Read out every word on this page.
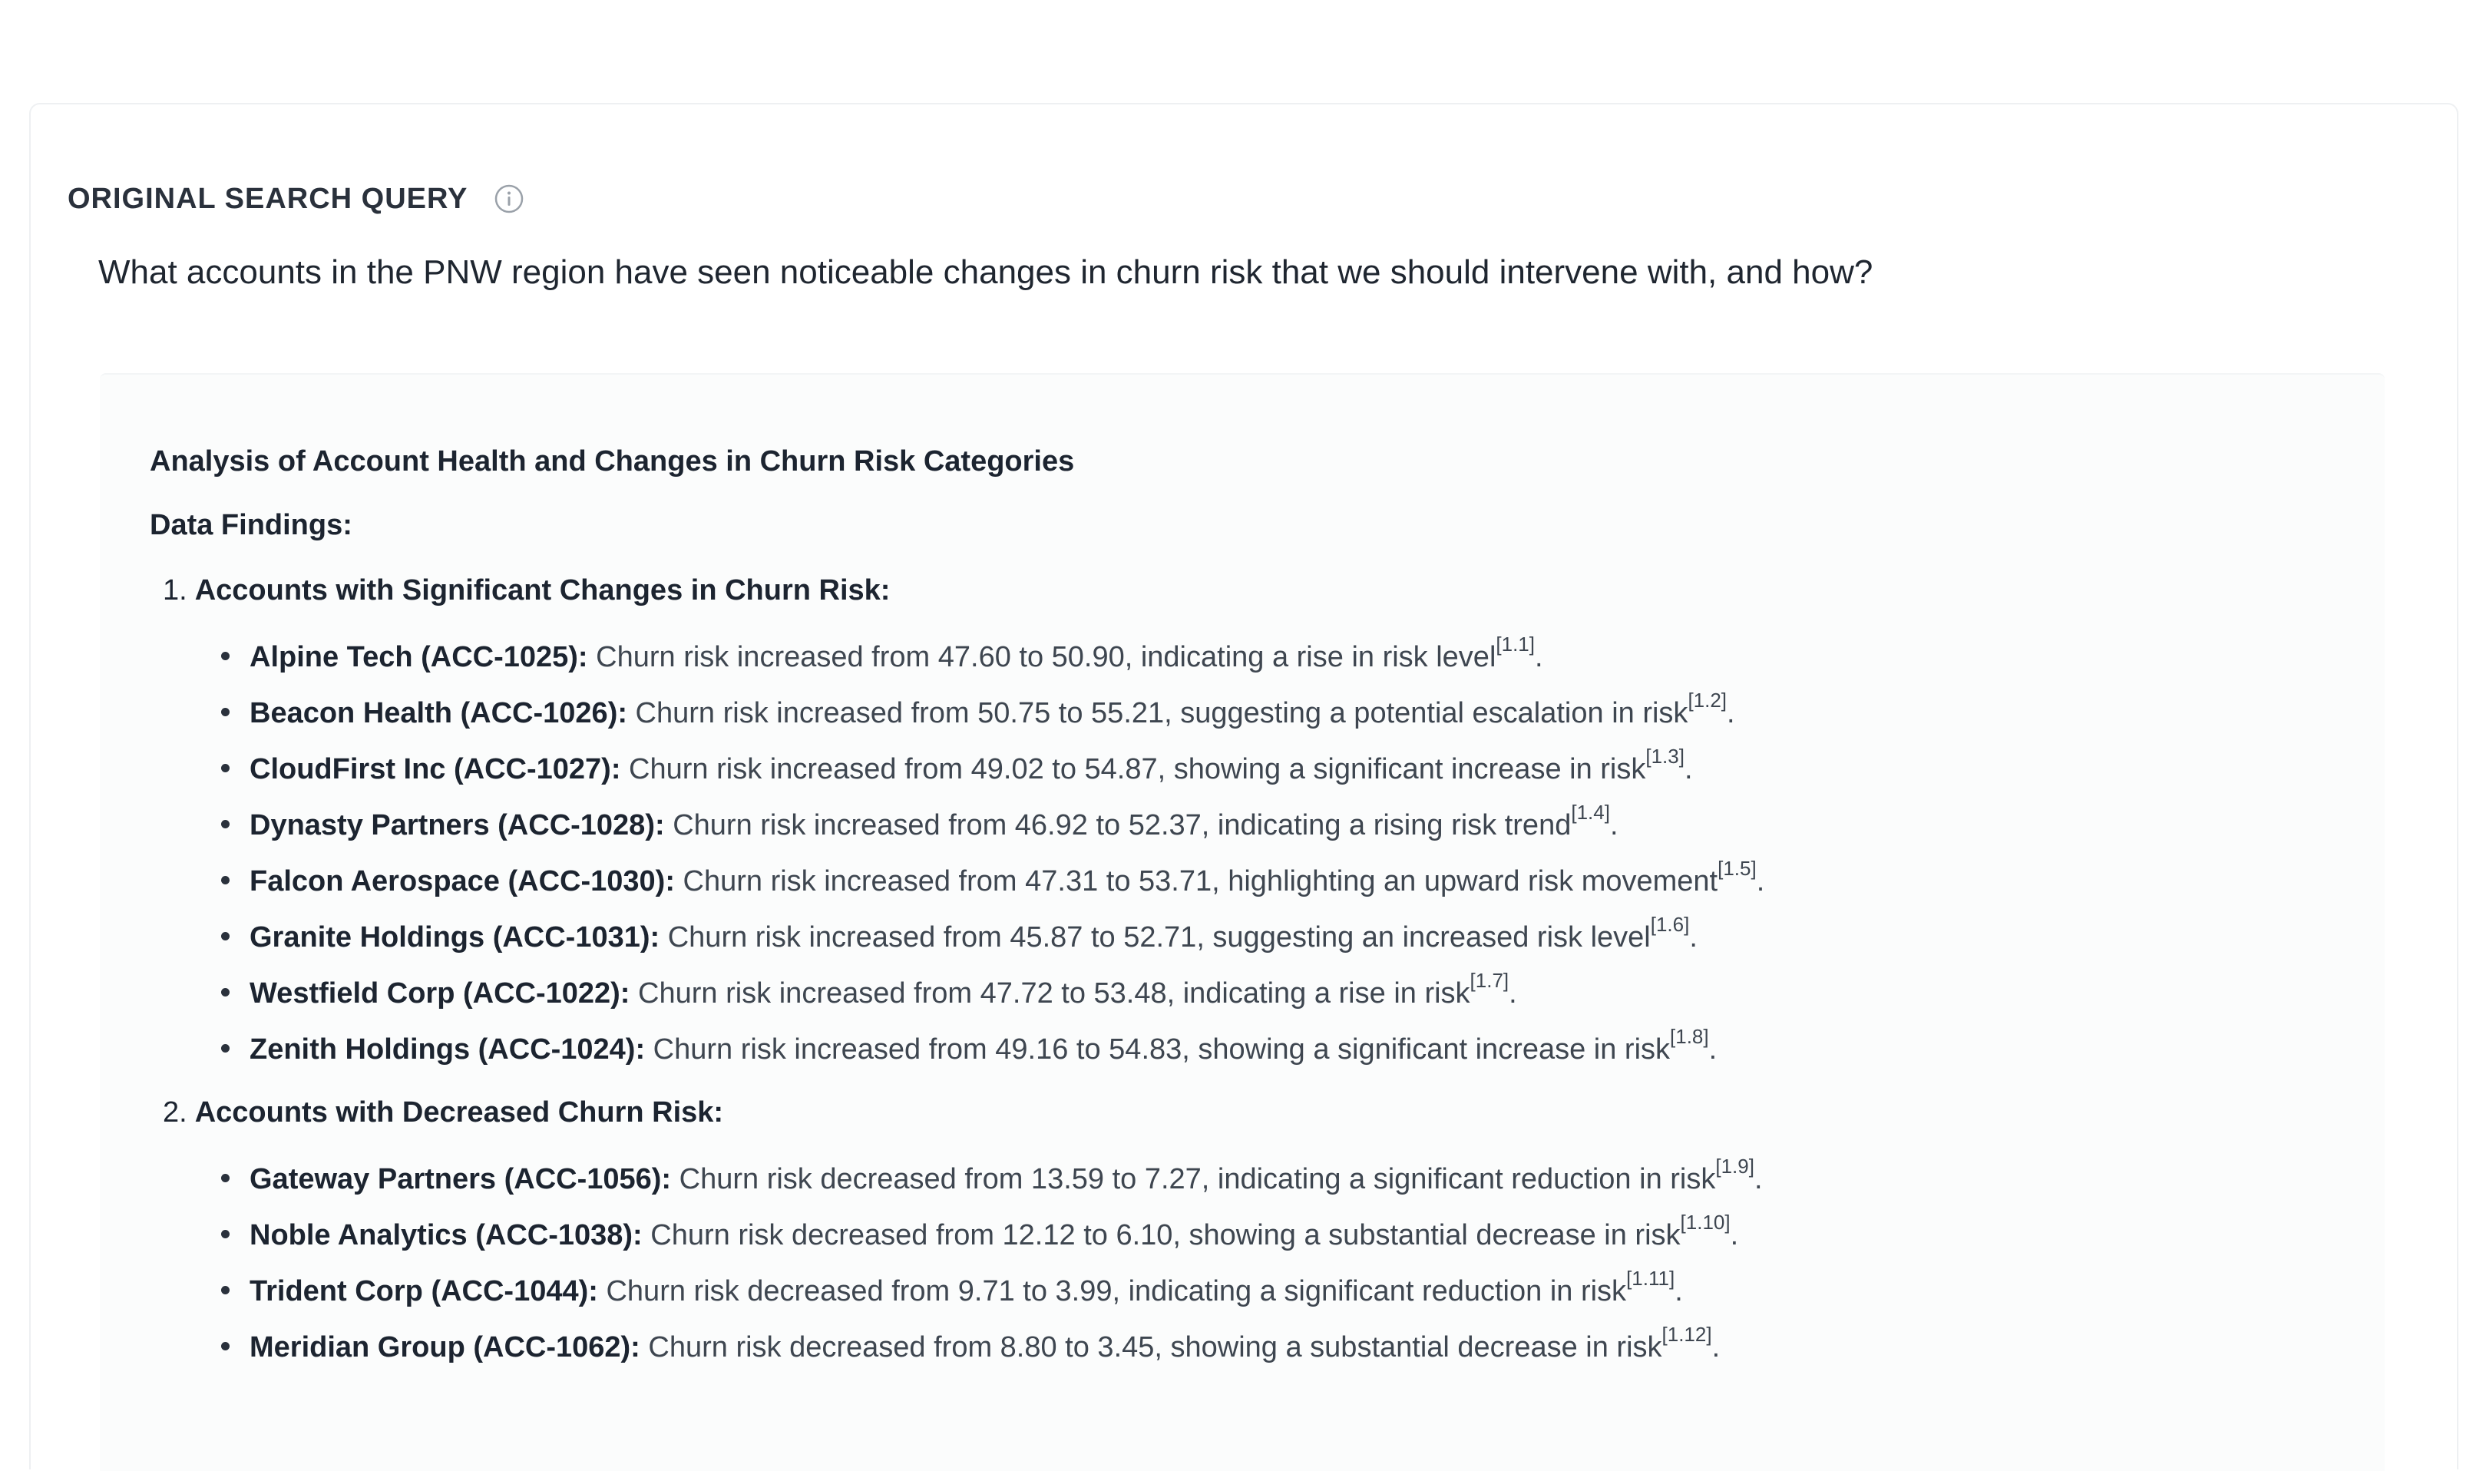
ORIGINAL SEARCH QUERY
What accounts in the PNW region have seen noticeable changes in churn risk that we should intervene with, and how?
Analysis of Account Health and Changes in Churn Risk Categories
Data Findings:
1. Accounts with Significant Changes in Churn Risk:
Alpine Tech (ACC-1025): Churn risk increased from 47.60 to 50.90, indicating a rise in risk level[1.1].
Beacon Health (ACC-1026): Churn risk increased from 50.75 to 55.21, suggesting a potential escalation in risk[1.2].
CloudFirst Inc (ACC-1027): Churn risk increased from 49.02 to 54.87, showing a significant increase in risk[1.3].
Dynasty Partners (ACC-1028): Churn risk increased from 46.92 to 52.37, indicating a rising risk trend[1.4].
Falcon Aerospace (ACC-1030): Churn risk increased from 47.31 to 53.71, highlighting an upward risk movement[1.5].
Granite Holdings (ACC-1031): Churn risk increased from 45.87 to 52.71, suggesting an increased risk level[1.6].
Westfield Corp (ACC-1022): Churn risk increased from 47.72 to 53.48, indicating a rise in risk[1.7].
Zenith Holdings (ACC-1024): Churn risk increased from 49.16 to 54.83, showing a significant increase in risk[1.8].
2. Accounts with Decreased Churn Risk:
Gateway Partners (ACC-1056): Churn risk decreased from 13.59 to 7.27, indicating a significant reduction in risk[1.9].
Noble Analytics (ACC-1038): Churn risk decreased from 12.12 to 6.10, showing a substantial decrease in risk[1.10].
Trident Corp (ACC-1044): Churn risk decreased from 9.71 to 3.99, indicating a significant reduction in risk[1.11].
Meridian Group (ACC-1062): Churn risk decreased from 8.80 to 3.45, showing a substantial decrease in risk[1.12].
